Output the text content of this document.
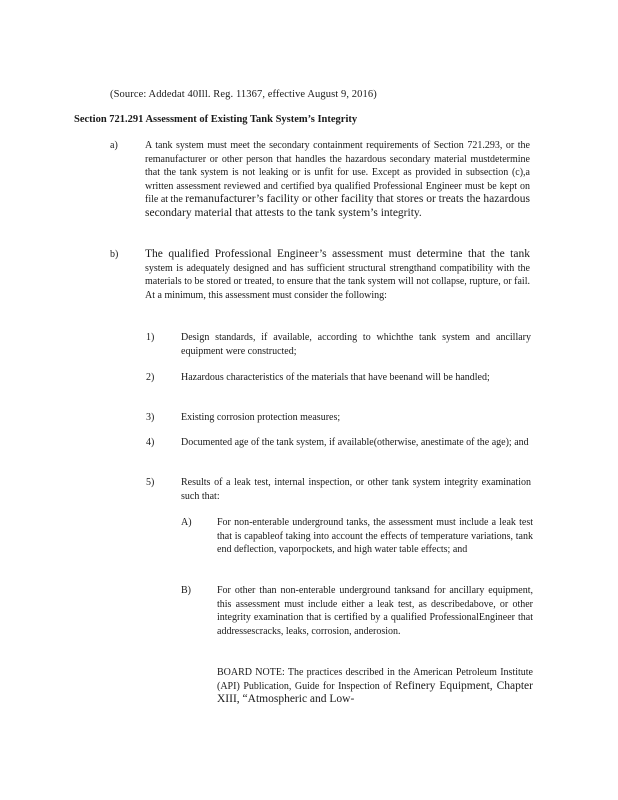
(Source: Addedat 40Ill. Reg. 11367, effective August 9, 2016)
Section 721.291 Assessment of Existing Tank System’s Integrity
a)	A tank system must meet the secondary containment requirements of Section 721.293, or the remanufacturer or other person that handles the hazardous secondary material mustdetermine that the tank system is not leaking or is unfit for use. Except as provided in subsection (c),a written assessment reviewed and certified bya qualified Professional Engineer must be kept on file at the remanufacturer’s facility or other facility that stores or treats the hazardous secondary material that attests to the tank system’s integrity.
b) The qualified Professional Engineer’s assessment must determine that the tank system is adequately designed and has sufficient structural strengthand compatibility with the materials to be stored or treated, to ensure that the tank system will not collapse, rupture, or fail. At a minimum, this assessment must consider the following:
1)	Design standards, if available, according to whichthe tank system and ancillary equipment were constructed;
2)	Hazardous characteristics of the materials that have beenand will be handled;
3)	Existing corrosion protection measures;
4)	Documented age of the tank system, if available(otherwise, anestimate of the age); and
5)	Results of a leak test, internal inspection, or other tank system integrity examination such that:
A)	For non-enterable underground tanks, the assessment must include a leak test that is capableof taking into account the effects of temperature variations, tank end deflection, vaporpockets, and high water table effects; and
B)	For other than non-enterable underground tanksand for ancillary equipment, this assessment must include either a leak test, as describedabove, or other integrity examination that is certified by a qualified ProfessionalEngineer that addressescracks, leaks, corrosion, anderosion.
BOARD NOTE: The practices described in the American Petroleum Institute (API) Publication, Guide for Inspection of Refinery Equipment, Chapter XIII, “Atmospheric and Low-
